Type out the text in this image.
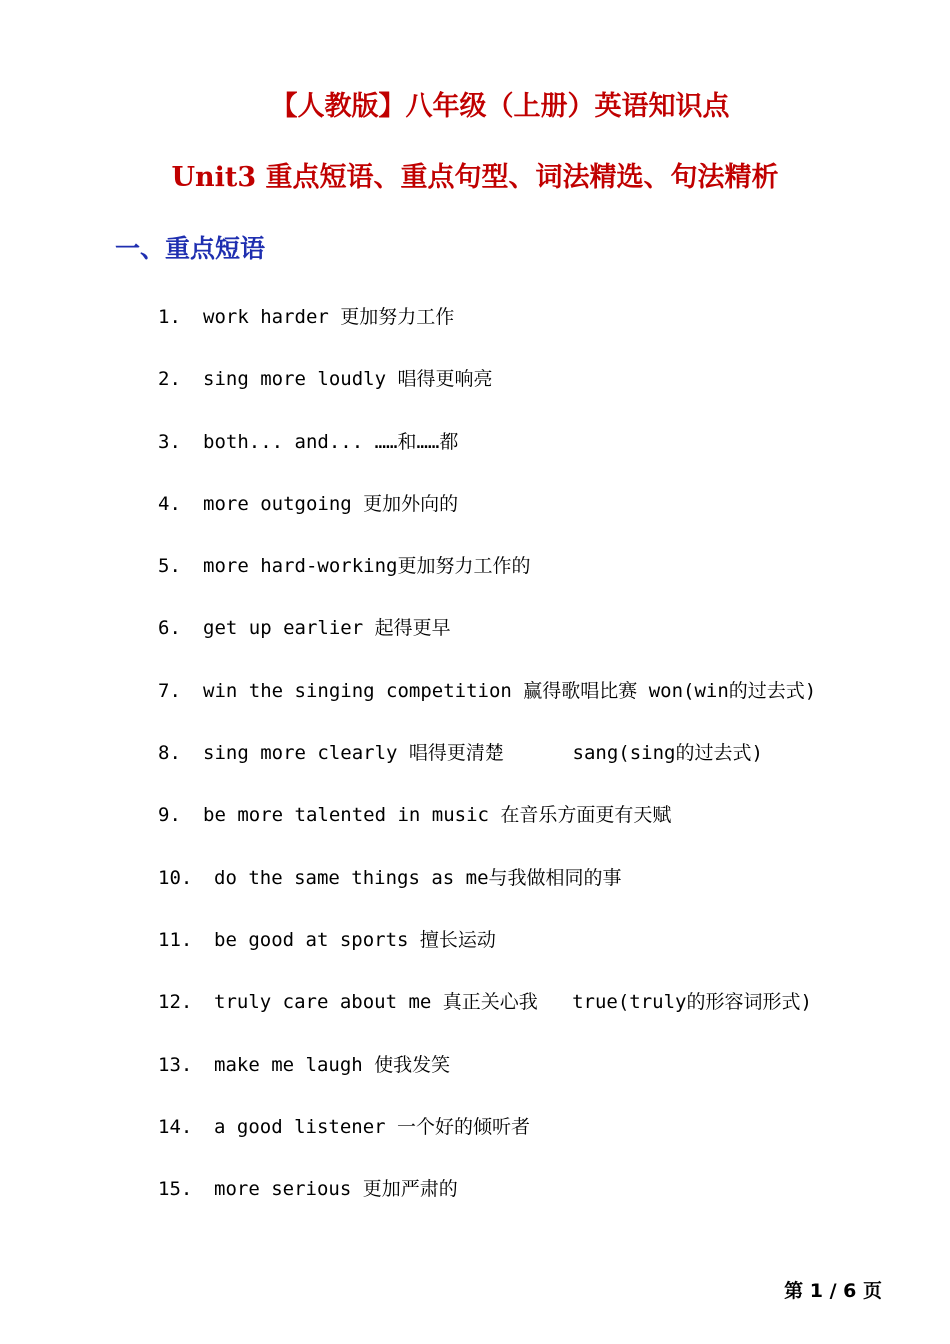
【人教版】八年级（上册）英语知识点
Unit3 重点短语、重点句型、词法精选、句法精析
一、重点短语
1.	work harder 更加努力工作
2.	sing more loudly 唱得更响亮
3.	both... and... ……和……都
4.	more outgoing 更加外向的
5.	more hard-working更加努力工作的
6.	get up earlier 起得更早
7.	win the singing competition 赢得歌唱比赛 won(win的过去式)
8.	sing more clearly 唱得更清楚      sang(sing的过去式)
9.	be more talented in music 在音乐方面更有天赋
10.	do the same things as me与我做相同的事
11.	be good at sports 擅长运动
12.	truly care about me 真正关心我   true(truly的形容词形式)
13.	make me laugh 使我发笑
14.	a good listener 一个好的倾听者
15.	more serious 更加严肃的
第 1 / 6 页
